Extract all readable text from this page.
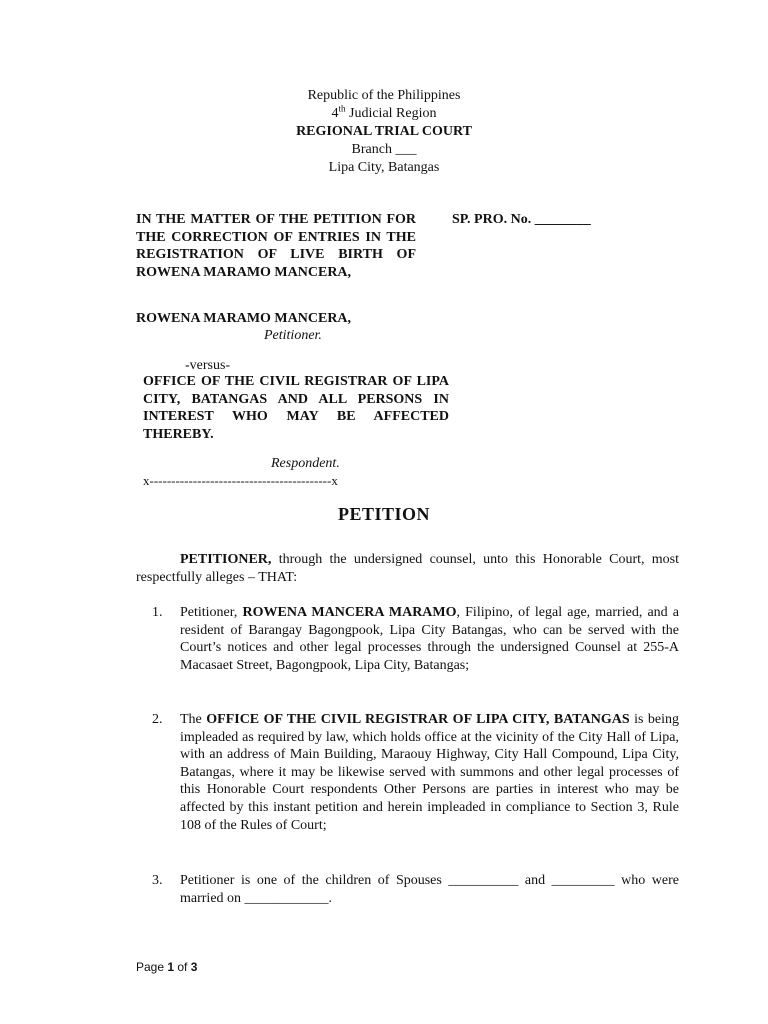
Republic of the Philippines
4th Judicial Region
REGIONAL TRIAL COURT
Branch ___
Lipa City, Batangas
IN THE MATTER OF THE PETITION FOR THE CORRECTION OF ENTRIES IN THE REGISTRATION OF LIVE BIRTH OF ROWENA MARAMO MANCERA,
SP. PRO. No. ________
ROWENA MARAMO MANCERA,
Petitioner.
-versus-
OFFICE OF THE CIVIL REGISTRAR OF LIPA CITY, BATANGAS AND ALL PERSONS IN INTEREST WHO MAY BE AFFECTED THEREBY.
Respondent.
x------------------------------------------x
PETITION
PETITIONER, through the undersigned counsel, unto this Honorable Court, most respectfully alleges – THAT:
1.	Petitioner, ROWENA MANCERA MARAMO, Filipino, of legal age, married, and a resident of Barangay Bagongpook, Lipa City Batangas, who can be served with the Court’s notices and other legal processes through the undersigned Counsel at 255-A Macasaet Street, Bagongpook, Lipa City, Batangas;
2.	The OFFICE OF THE CIVIL REGISTRAR OF LIPA CITY, BATANGAS is being impleaded as required by law, which holds office at the vicinity of the City Hall of Lipa, with an address of Main Building, Maraouy Highway, City Hall Compound, Lipa City, Batangas, where it may be likewise served with summons and other legal processes of this Honorable Court respondents Other Persons are parties in interest who may be affected by this instant petition and herein impleaded in compliance to Section 3, Rule 108 of the Rules of Court;
3.	Petitioner is one of the children of Spouses __________ and _________ who were married on ____________.
Page 1 of 3
